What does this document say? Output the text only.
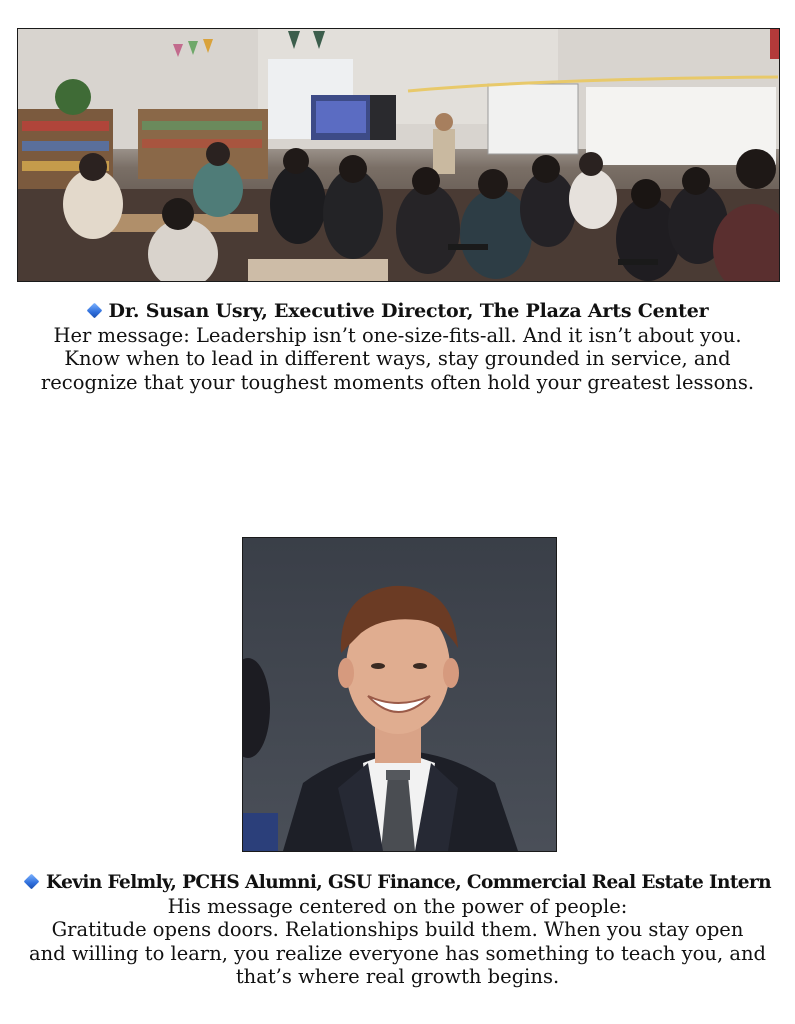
Dr. Susan Usry, Executive Director, The Plaza Arts Center
Her message: Leadership isn’t one-size-fits-all. And it isn’t about you.
Know when to lead in different ways, stay grounded in service, and
recognize that your toughest moments often hold your greatest lessons.
Kevin Felmly, PCHS Alumni, GSU Finance, Commercial Real Estate Intern
His message centered on the power of people:
Gratitude opens doors. Relationships build them. When you stay open
and willing to learn, you realize everyone has something to teach you, and
that’s where real growth begins.
